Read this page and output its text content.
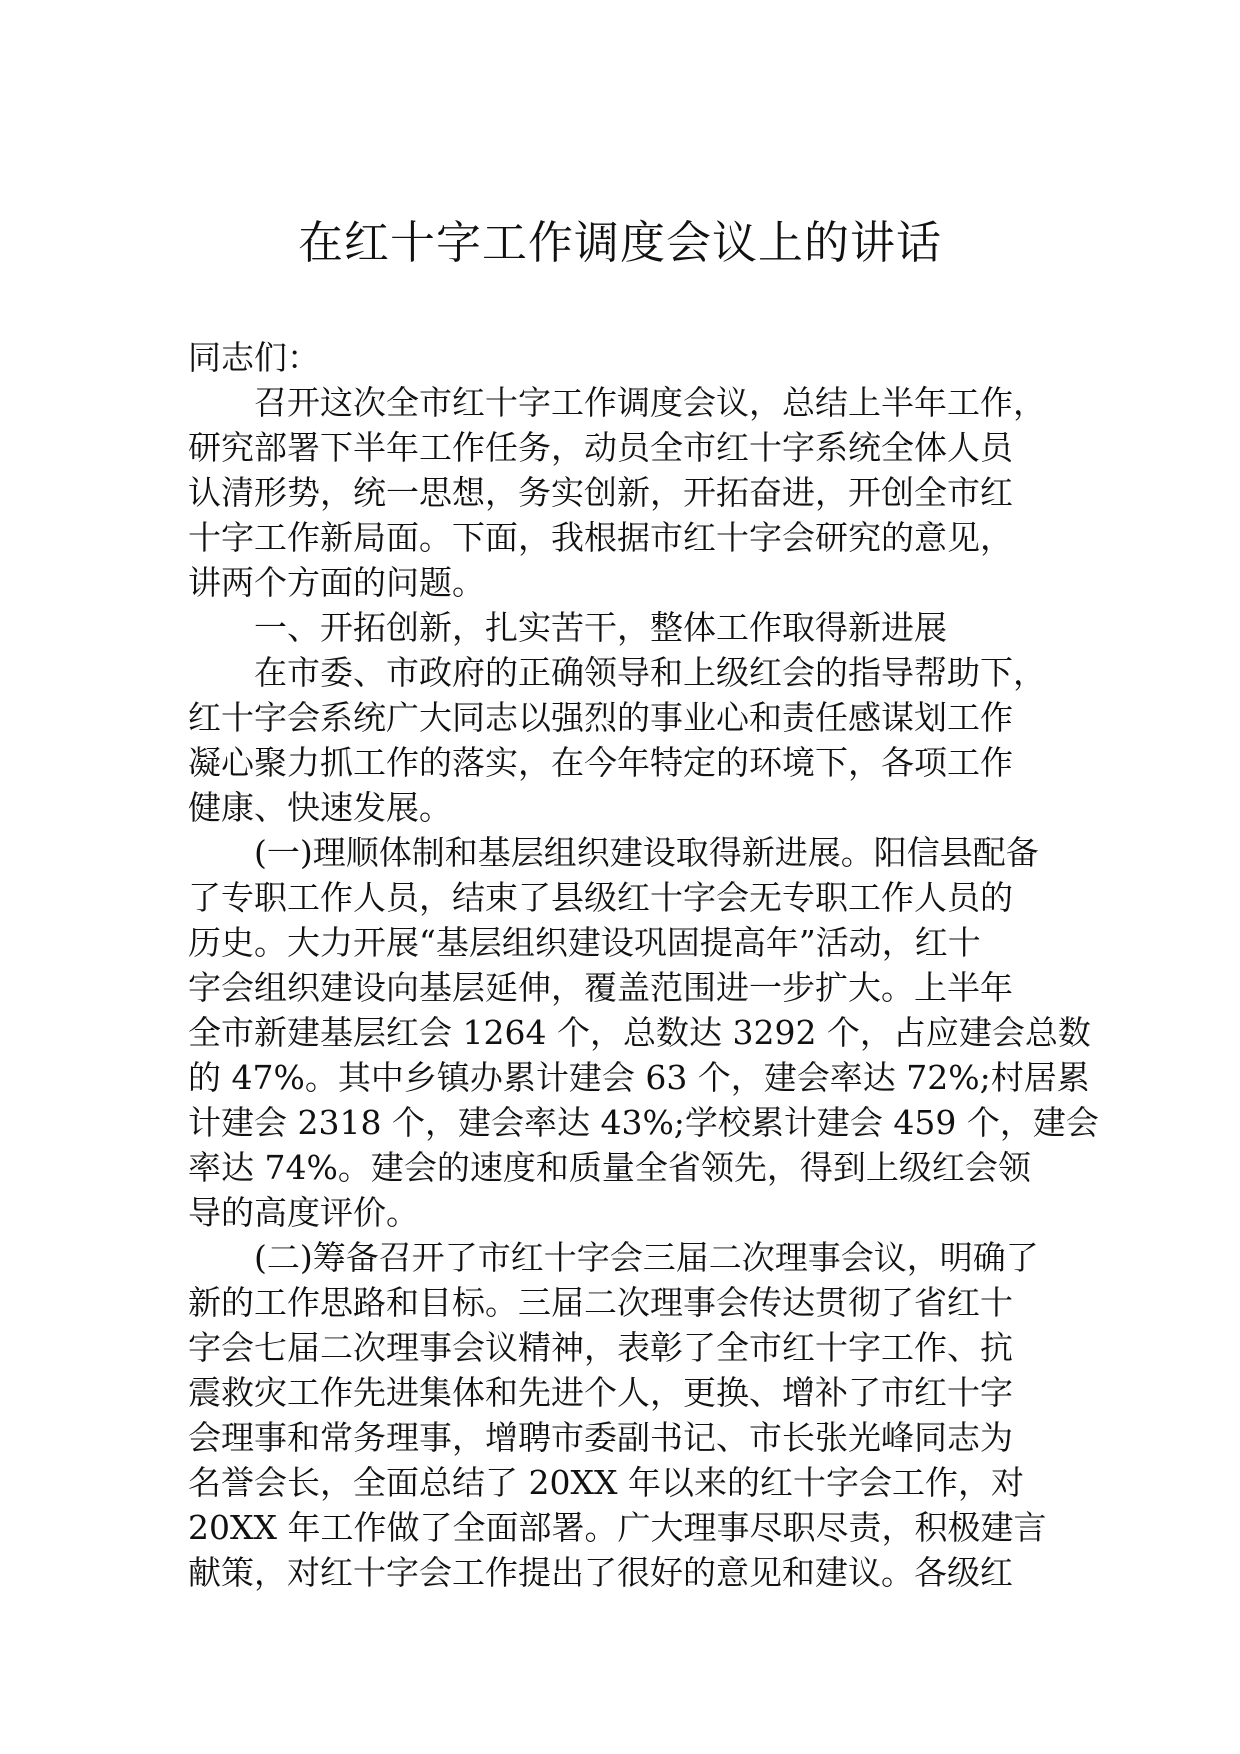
在红十字工作调度会议上的讲话

同志们：

召开这次全市红十字工作调度会议，总结上半年工作，

研究部署下半年工作任务，动员全市红十字系统全体人员

认清形势，统一思想，务实创新，开拓奋进，开创全市红

十字工作新局面。下面，我根据市红十字会研究的意见，

讲两个方面的问题。

一、开拓创新，扎实苦干，整体工作取得新进展

在市委、市政府的正确领导和上级红会的指导帮助下，

红十字会系统广大同志以强烈的事业心和责任感谋划工作

凝心聚力抓工作的落实，在今年特定的环境下，各项工作

健康、快速发展。

(一)理顺体制和基层组织建设取得新进展。阳信县配备

了专职工作人员，结束了县级红十字会无专职工作人员的

历史。大力开展“基层组织建设巩固提高年”活动，红十

字会组织建设向基层延伸，覆盖范围进一步扩大。上半年

全市新建基层红会 1264 个，总数达 3292 个，占应建会总数

的 47%。其中乡镇办累计建会 63 个，建会率达 72%;村居累

计建会 2318 个，建会率达 43%;学校累计建会 459 个，建会

率达 74%。建会的速度和质量全省领先，得到上级红会领

导的高度评价。

(二)筹备召开了市红十字会三届二次理事会议，明确了

新的工作思路和目标。三届二次理事会传达贯彻了省红十

字会七届二次理事会议精神，表彰了全市红十字工作、抗

震救灾工作先进集体和先进个人，更换、增补了市红十字

会理事和常务理事，增聘市委副书记、市长张光峰同志为

名誉会长，全面总结了 20XX 年以来的红十字会工作，对

20XX 年工作做了全面部署。广大理事尽职尽责，积极建言

献策，对红十字会工作提出了很好的意见和建议。各级红
